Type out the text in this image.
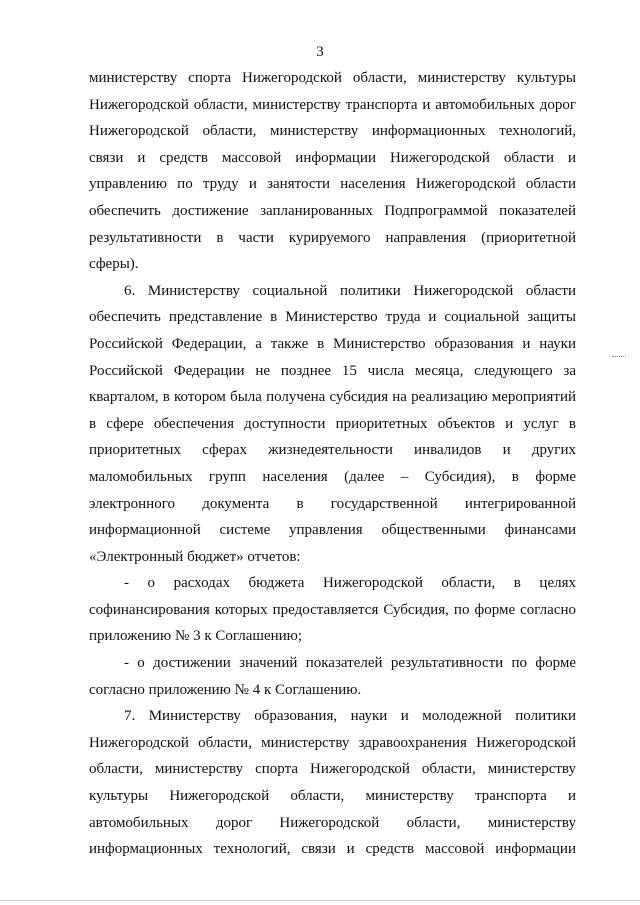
3

министерству спорта Нижегородской области, министерству культуры

Нижегородской области, министерству транспорта и автомобильных дорог

Нижегородской области, министерству информационных технологий,

связи и средств массовой информации Нижегородской области и

управлению по труду и занятости населения Нижегородской области

обеспечить достижение запланированных Подпрограммой показателей

результативности в части курируемого направления (приоритетной

сферы).

6. Министерству социальной политики Нижегородской области

обеспечить представление в Министерство труда и социальной защиты

Российской Федерации, а также в Министерство образования и науки

Российской Федерации не позднее 15 числа месяца, следующего за

кварталом, в котором была получена субсидия на реализацию мероприятий

в сфере обеспечения доступности приоритетных объектов и услуг в

приоритетных сферах жизнедеятельности инвалидов и других

маломобильных групп населения (далее – Субсидия), в форме

электронного документа в государственной интегрированной

информационной системе управления общественными финансами

«Электронный бюджет» отчетов:

- о расходах бюджета Нижегородской области, в целях

софинансирования которых предоставляется Субсидия, по форме согласно

приложению № 3 к Соглашению;

- о достижении значений показателей результативности по форме

согласно приложению № 4 к Соглашению.

7. Министерству образования, науки и молодежной политики

Нижегородской области, министерству здравоохранения Нижегородской

области, министерству спорта Нижегородской области, министерству

культуры Нижегородской области, министерству транспорта и

автомобильных дорог Нижегородской области, министерству

информационных технологий, связи и средств массовой информации
